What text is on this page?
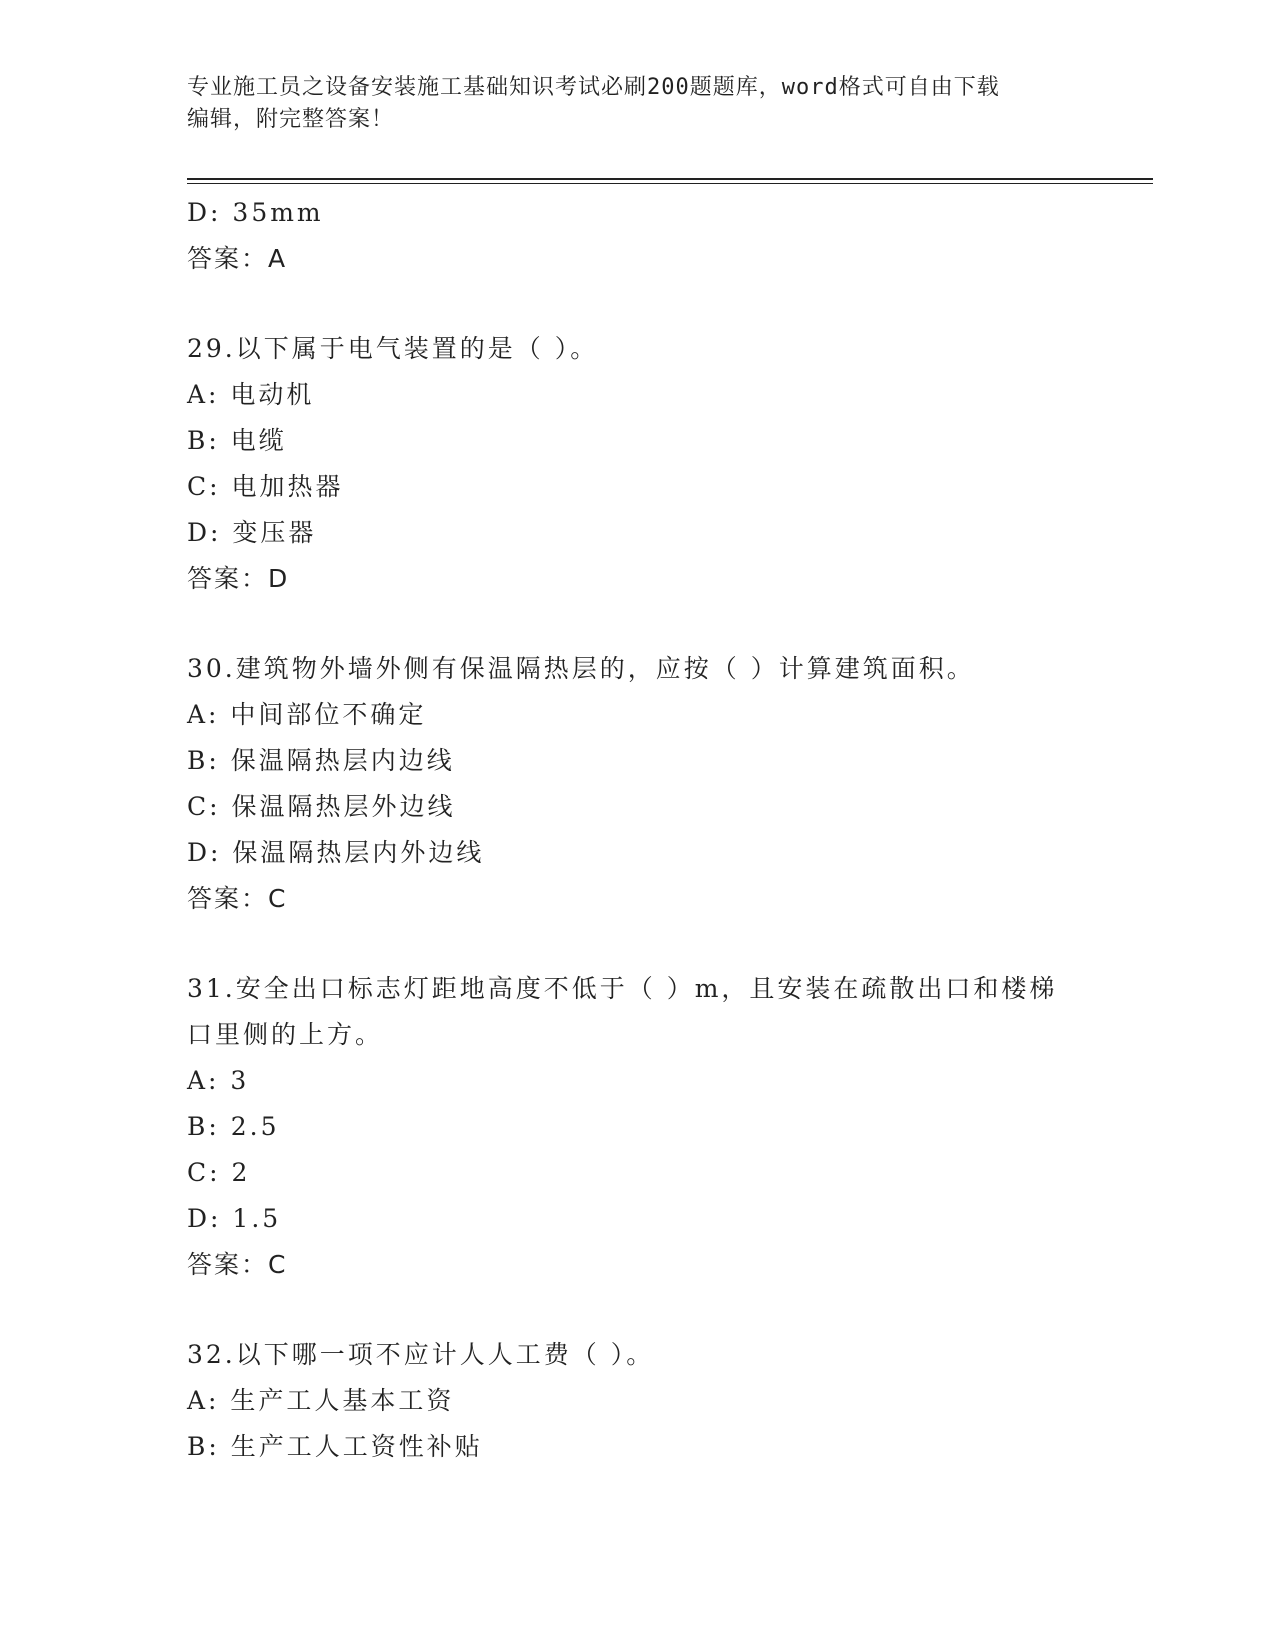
专业施工员之设备安装施工基础知识考试必刷200题题库，word格式可自由下载
编辑，附完整答案！
D: 35mm
答案：A
29.以下属于电气装置的是（ ）。
A: 电动机
B: 电缆
C: 电加热器
D: 变压器
答案：D
30.建筑物外墙外侧有保温隔热层的，应按（ ）计算建筑面积。
A: 中间部位不确定
B: 保温隔热层内边线
C: 保温隔热层外边线
D: 保温隔热层内外边线
答案：C
31.安全出口标志灯距地高度不低于（ ）m，且安装在疏散出口和楼梯
口里侧的上方。
A: 3
B: 2.5
C: 2
D: 1.5
答案：C
32.以下哪一项不应计人人工费（ ）。
A: 生产工人基本工资
B: 生产工人工资性补贴
